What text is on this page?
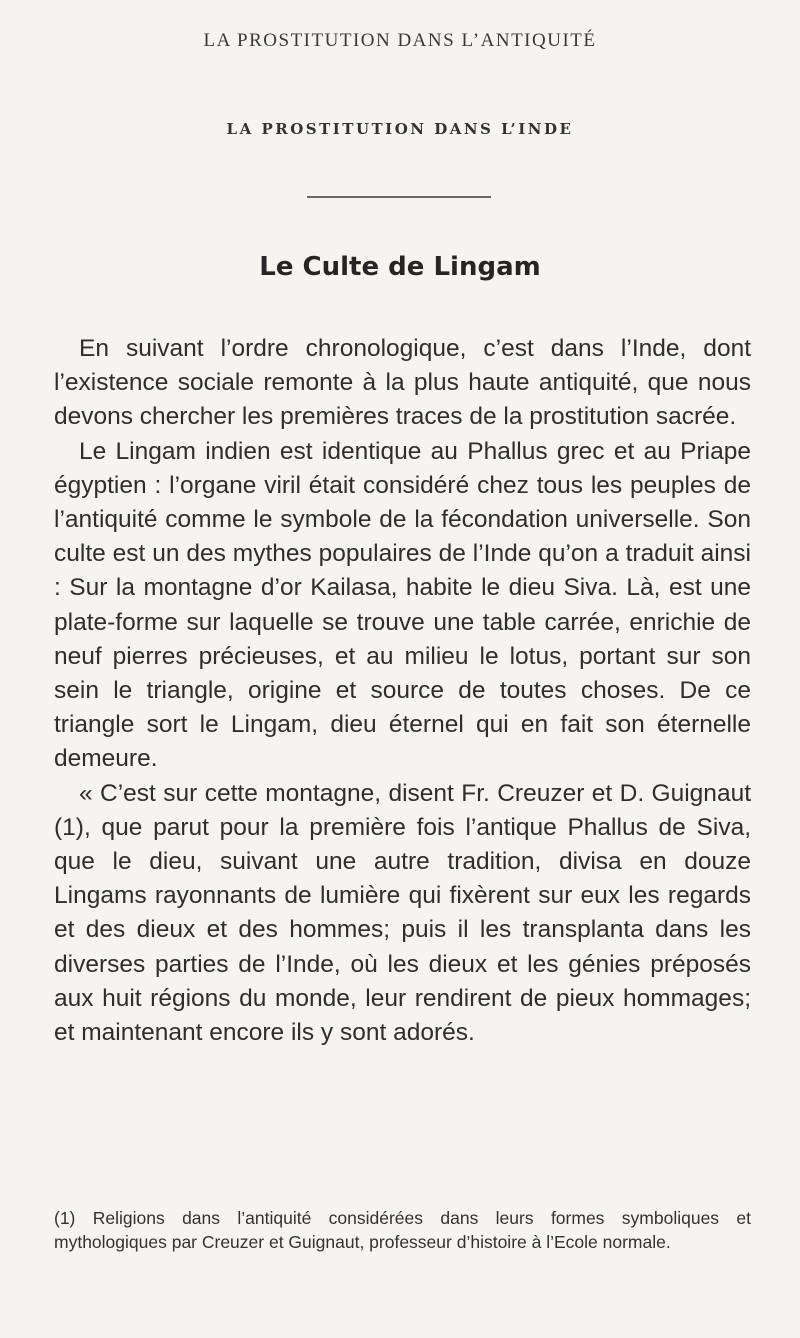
LA PROSTITUTION DANS L’ANTIQUITÉ
LA PROSTITUTION DANS L’INDE
Le Culte de Lingam

En suivant l’ordre chronologique, c’est dans l’Inde, dont l’existence sociale remonte à la plus haute antiquité, que nous devons chercher les premières traces de la prostitution sacrée.

Le Lingam indien est identique au Phallus grec et au Priape égyptien : l’organe viril était considéré chez tous les peuples de l’antiquité comme le symbole de la fécondation universelle. Son culte est un des mythes populaires de l’Inde qu’on a traduit ainsi : Sur la montagne d’or Kailasa, habite le dieu Siva. Là, est une plate-forme sur laquelle se trouve une table carrée, enrichie de neuf pierres précieuses, et au milieu le lotus, portant sur son sein le triangle, origine et source de toutes choses. De ce triangle sort le Lingam, dieu éternel qui en fait son éternelle demeure.

« C’est sur cette montagne, disent Fr. Creuzer et D. Guignaut (1), que parut pour la première fois l’antique Phallus de Siva, que le dieu, suivant une autre tradition, divisa en douze Lingams rayonnants de lumière qui fixèrent sur eux les regards et des dieux et des hommes; puis il les transplanta dans les diverses parties de l’Inde, où les dieux et les génies préposés aux huit régions du monde, leur rendirent de pieux hommages; et maintenant encore ils y sont adorés.

(1) Religions dans l’antiquité considérées dans leurs formes symboliques et mythologiques par Creuzer et Guignaut, professeur d’histoire à l’Ecole normale.
